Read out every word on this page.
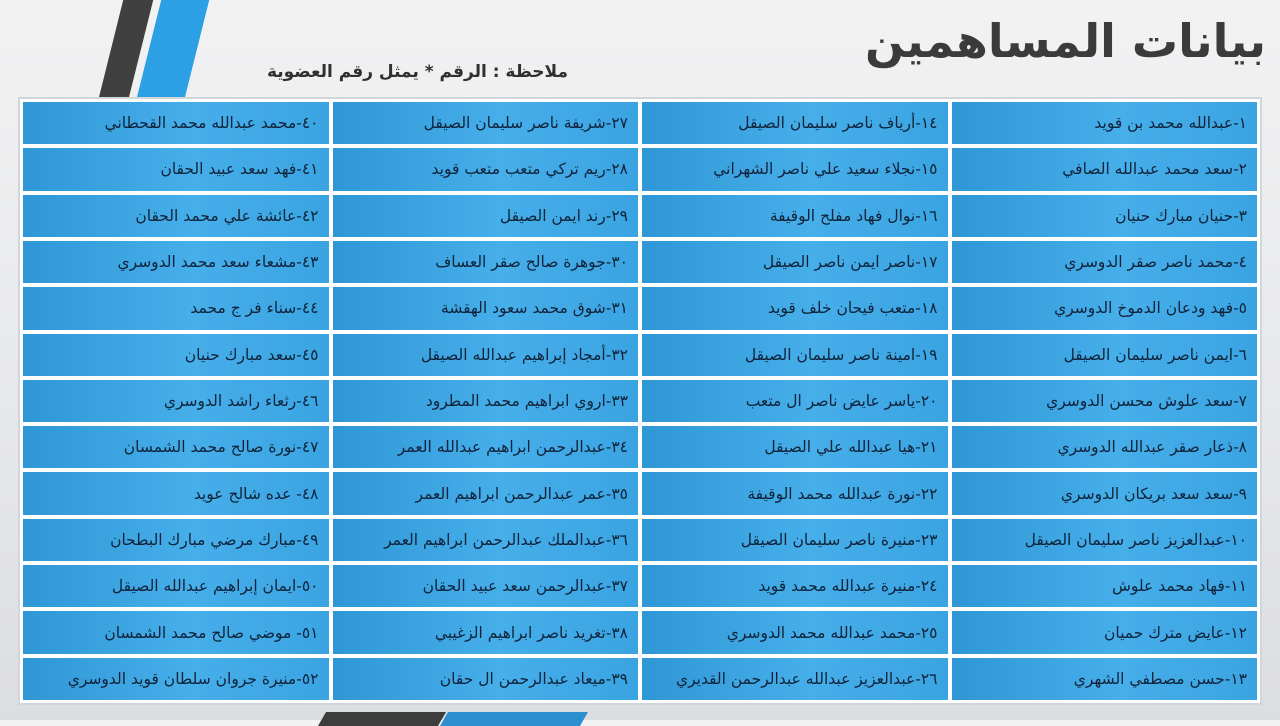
بيانات المساهمين

ملاحظة : الرقم * يمثل رقم العضوية

١-عبدالله محمد بن قويد
١٤-أرياف ناصر سليمان الصيقل
٢٧-شريفة ناصر سليمان الصيقل
٤٠-محمد عبدالله محمد القحطاني
٢-سعد محمد عبدالله الصافي
١٥-نجلاء سعيد علي ناصر الشهراني
٢٨-ريم تركي متعب متعب قويد
٤١-فهد سعد عبيد الحقان
٣-حنيان مبارك حنيان
١٦-نوال فهاد مفلح الوقيفة
٢٩-رند ايمن الصيقل
٤٢-عائشة علي محمد الحقان
٤-محمد ناصر صقر الدوسري
١٧-ناصر ايمن ناصر الصيقل
٣٠-جوهرة صالح صقر العساف
٤٣-مشعاء سعد محمد الدوسري
٥-فهد ودعان الدموخ الدوسري
١٨-متعب فيحان خلف قويد
٣١-شوق محمد سعود الهقشة
٤٤-سناء فر ج محمد
٦-ايمن ناصر سليمان الصيقل
١٩-امينة ناصر سليمان الصيقل
٣٢-أمجاد إبراهيم عبدالله الصيقل
٤٥-سعد مبارك حنيان
٧-سعد علوش محسن الدوسري
٢٠-ياسر عايض ناصر ال متعب
٣٣-اروي ابراهيم محمد المطرود
٤٦-رثعاء راشد الدوسري
٨-ذعار صقر عبدالله الدوسري
٢١-هيا عبدالله علي الصيقل
٣٤-عبدالرحمن ابراهيم عبدالله العمر
٤٧-نورة صالح محمد الشمسان
٩-سعد سعد بريكان الدوسري
٢٢-نورة عبدالله محمد الوقيفة
٣٥-عمر عبدالرحمن ابراهيم العمر
٤٨- عده شالح عويد
١٠-عبدالعزيز ناصر سليمان الصيقل
٢٣-منيرة ناصر سليمان الصيقل
٣٦-عبدالملك عبدالرحمن ابراهيم العمر
٤٩-مبارك مرضي مبارك البطحان
١١-فهاد محمد علوش
٢٤-منيرة عبدالله محمد قويد
٣٧-عبدالرحمن سعد عبيد الحقان
٥٠-ايمان إبراهيم عبدالله الصيقل
١٢-عايض مترك حميان
٢٥-محمد عبدالله محمد الدوسري
٣٨-تغريد ناصر ابراهيم الزغيبي
٥١- موضي صالح محمد الشمسان
١٣-حسن مصطفي الشهري
٢٦-عبدالعزيز عبدالله عبدالرحمن القديري
٣٩-ميعاد عبدالرحمن ال حقان
٥٢-منيرة جروان سلطان قويد الدوسري
